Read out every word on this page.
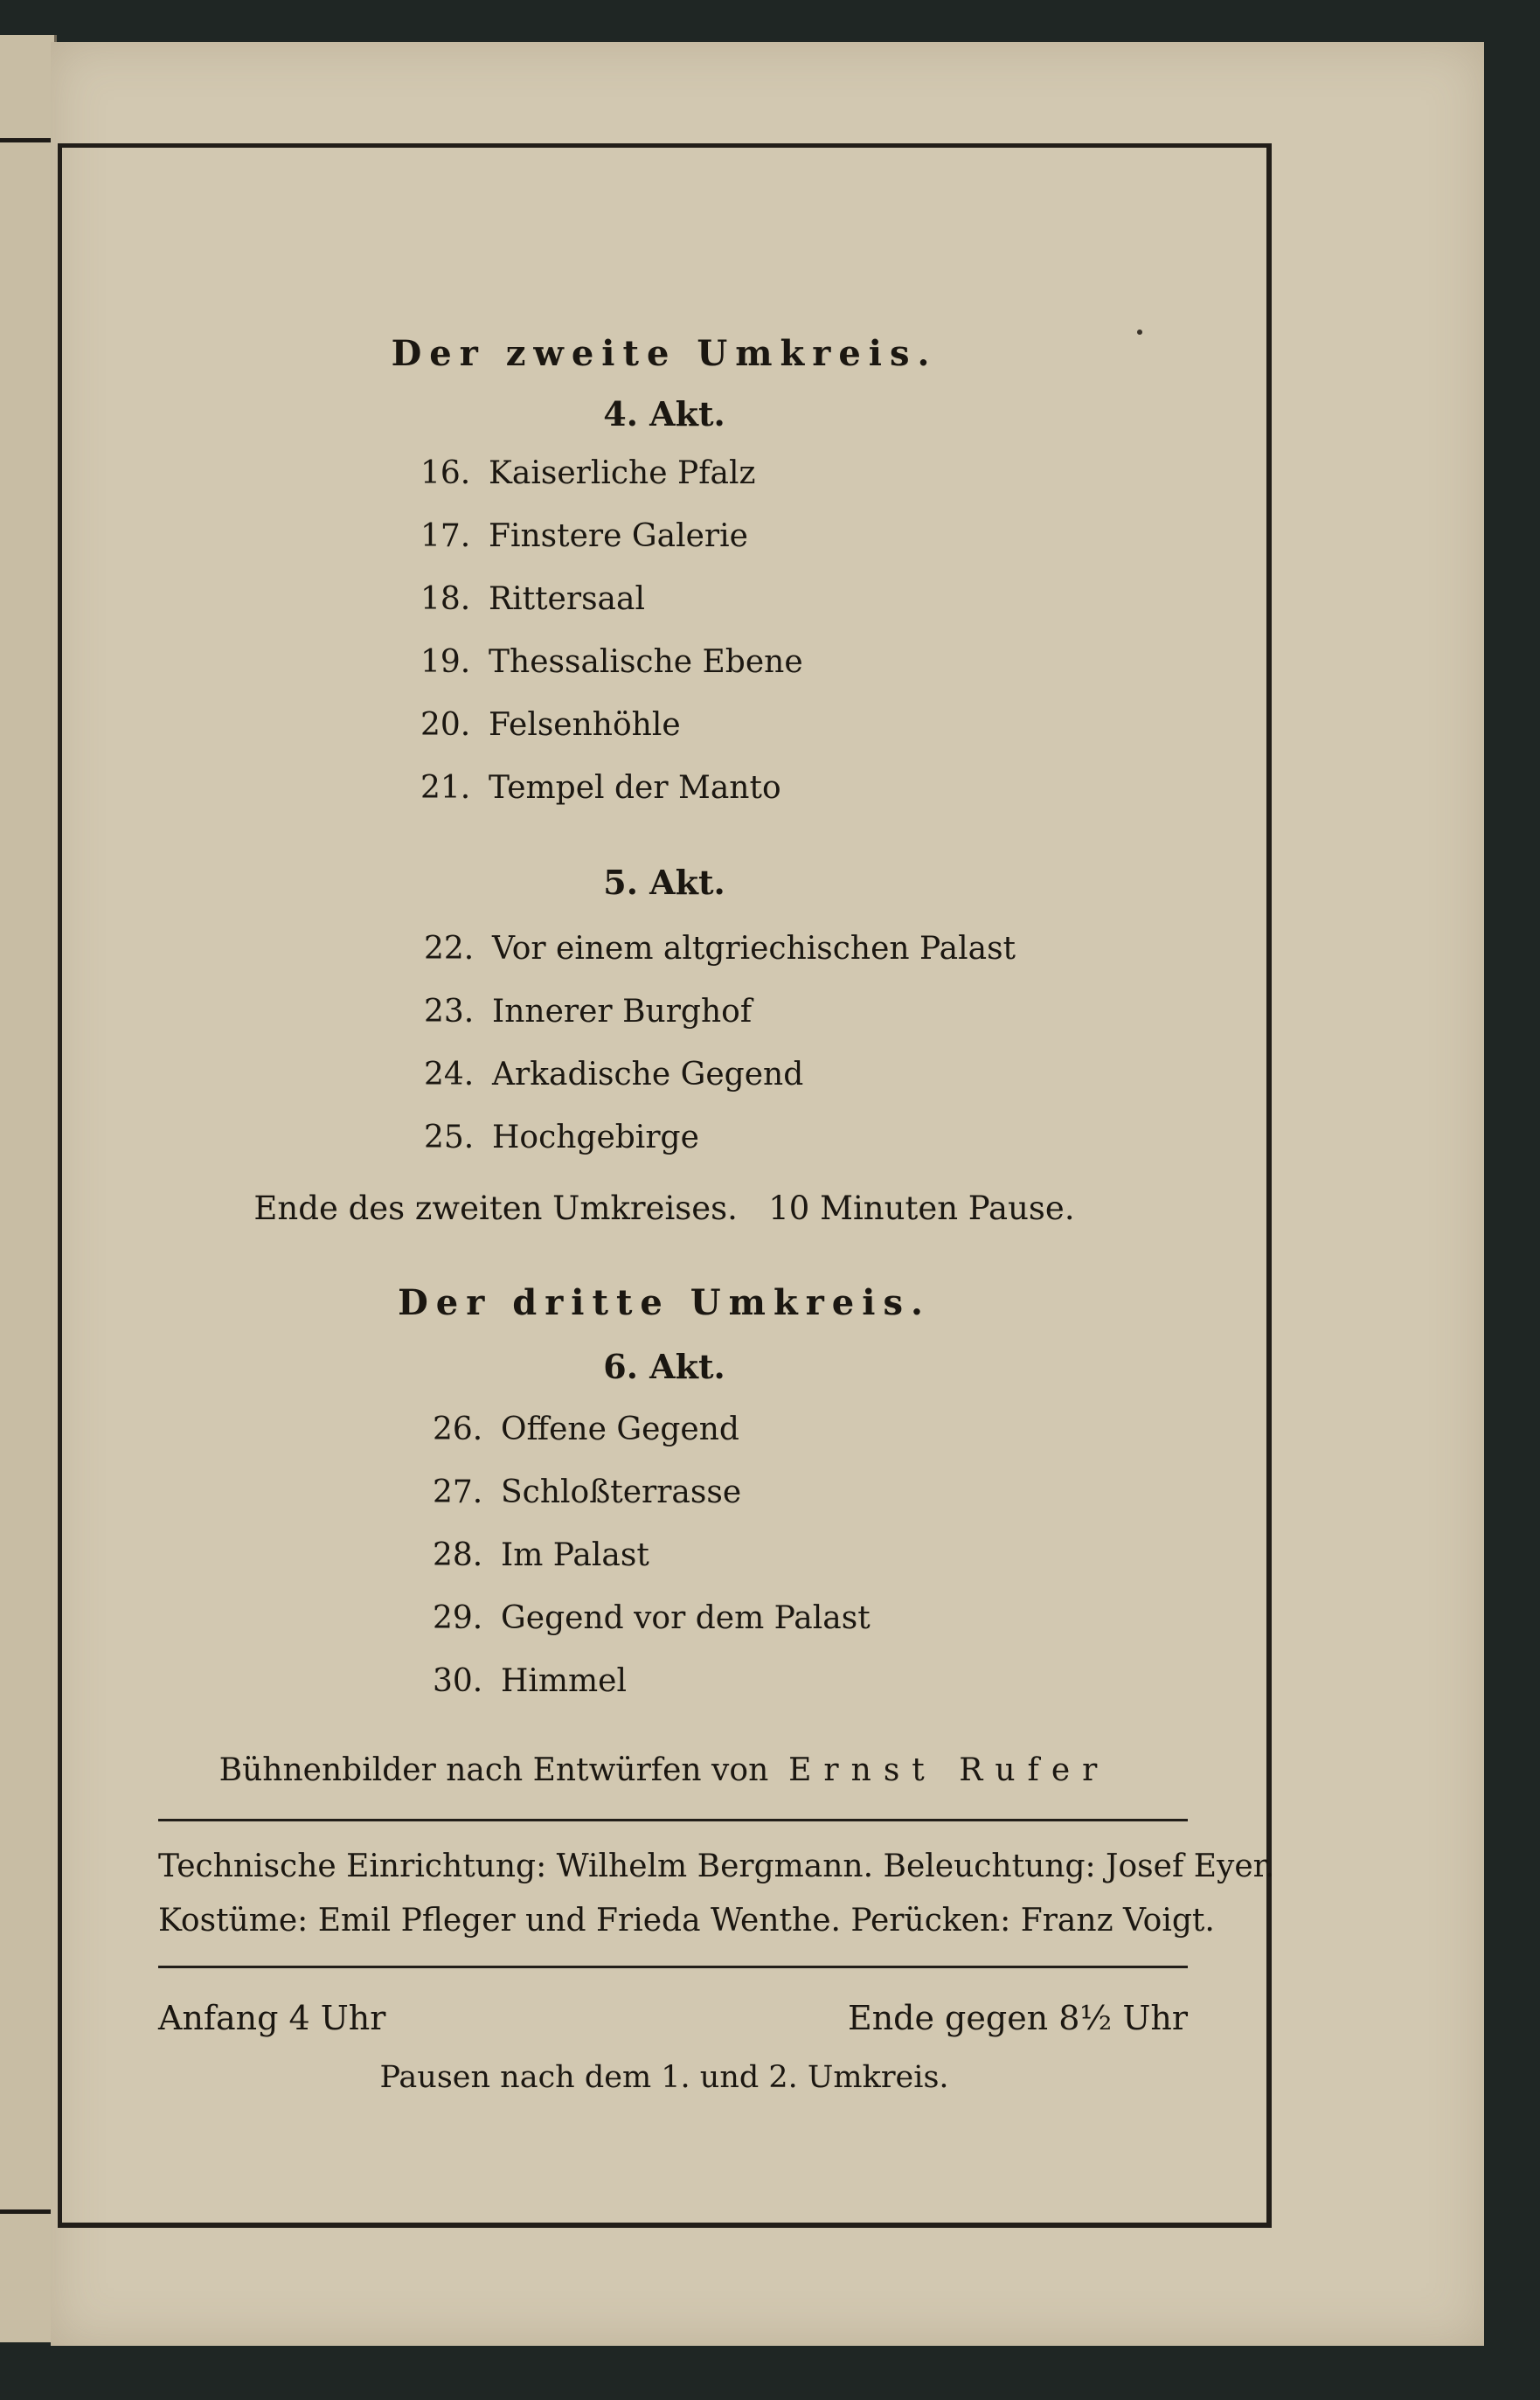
Der zweite Umkreis.
4. Akt.
16. Kaiserliche Pfalz
17. Finstere Galerie
18. Rittersaal
19. Thessalische Ebene
20. Felsenhöhle
21. Tempel der Manto
5. Akt.
22. Vor einem altgriechischen Palast
23. Innerer Burghof
24. Arkadische Gegend
25. Hochgebirge
Ende des zweiten Umkreises. 10 Minuten Pause.
Der dritte Umkreis.
6. Akt.
26. Offene Gegend
27. Schloßterrasse
28. Im Palast
29. Gegend vor dem Palast
30. Himmel
Bühnenbilder nach Entwürfen von Ernst Rufer
Technische Einrichtung: Wilhelm Bergmann. Beleuchtung: Josef Eyer.
Kostüme: Emil Pfleger und Frieda Wenthe. Perücken: Franz Voigt.
Anfang 4 Uhr	Ende gegen 8½ Uhr
Pausen nach dem 1. und 2. Umkreis.
